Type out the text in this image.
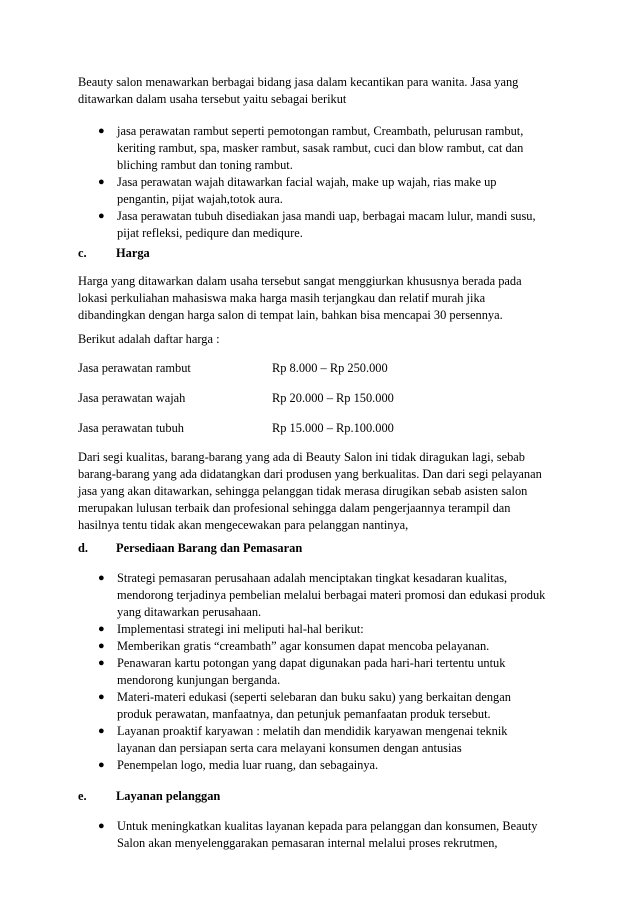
Beauty salon menawarkan berbagai bidang jasa dalam kecantikan para wanita. Jasa yang
ditawarkan dalam usaha tersebut yaitu sebagai berikut
● jasa perawatan rambut seperti pemotongan rambut, Creambath, pelurusan rambut,
keriting rambut, spa, masker rambut, sasak rambut, cuci dan blow rambut, cat dan
bliching rambut dan toning rambut.
● Jasa perawatan wajah ditawarkan facial wajah, make up wajah, rias make up
pengantin, pijat wajah,totok aura.
● Jasa perawatan tubuh disediakan jasa mandi uap, berbagai macam lulur, mandi susu,
pijat refleksi, pediqure dan mediqure.
c. Harga
Harga yang ditawarkan dalam usaha tersebut sangat menggiurkan khususnya berada pada
lokasi perkuliahan mahasiswa maka harga masih terjangkau dan relatif murah jika
dibandingkan dengan harga salon di tempat lain, bahkan bisa mencapai 30 persennya.
Berikut adalah daftar harga :
Jasa perawatan rambut	Rp 8.000 – Rp 250.000
Jasa perawatan wajah	Rp 20.000 – Rp 150.000
Jasa perawatan tubuh	Rp 15.000 – Rp.100.000
Dari segi kualitas, barang-barang yang ada di Beauty Salon ini tidak diragukan lagi, sebab
barang-barang yang ada didatangkan dari produsen yang berkualitas. Dan dari segi pelayanan
jasa yang akan ditawarkan, sehingga pelanggan tidak merasa dirugikan sebab asisten salon
merupakan lulusan terbaik dan profesional sehingga dalam pengerjaannya terampil dan
hasilnya tentu tidak akan mengecewakan para pelanggan nantinya,
d. Persediaan Barang dan Pemasaran
● Strategi pemasaran perusahaan adalah menciptakan tingkat kesadaran kualitas,
mendorong terjadinya pembelian melalui berbagai materi promosi dan edukasi produk
yang ditawarkan perusahaan.
● Implementasi strategi ini meliputi hal-hal berikut:
● Memberikan gratis “creambath” agar konsumen dapat mencoba pelayanan.
● Penawaran kartu potongan yang dapat digunakan pada hari-hari tertentu untuk
mendorong kunjungan berganda.
● Materi-materi edukasi (seperti selebaran dan buku saku) yang berkaitan dengan
produk perawatan, manfaatnya, dan petunjuk pemanfaatan produk tersebut.
● Layanan proaktif karyawan : melatih dan mendidik karyawan mengenai teknik
layanan dan persiapan serta cara melayani konsumen dengan antusias
● Penempelan logo, media luar ruang, dan sebagainya.
e. Layanan pelanggan
● Untuk meningkatkan kualitas layanan kepada para pelanggan dan konsumen, Beauty
Salon akan menyelenggarakan pemasaran internal melalui proses rekrutmen,
